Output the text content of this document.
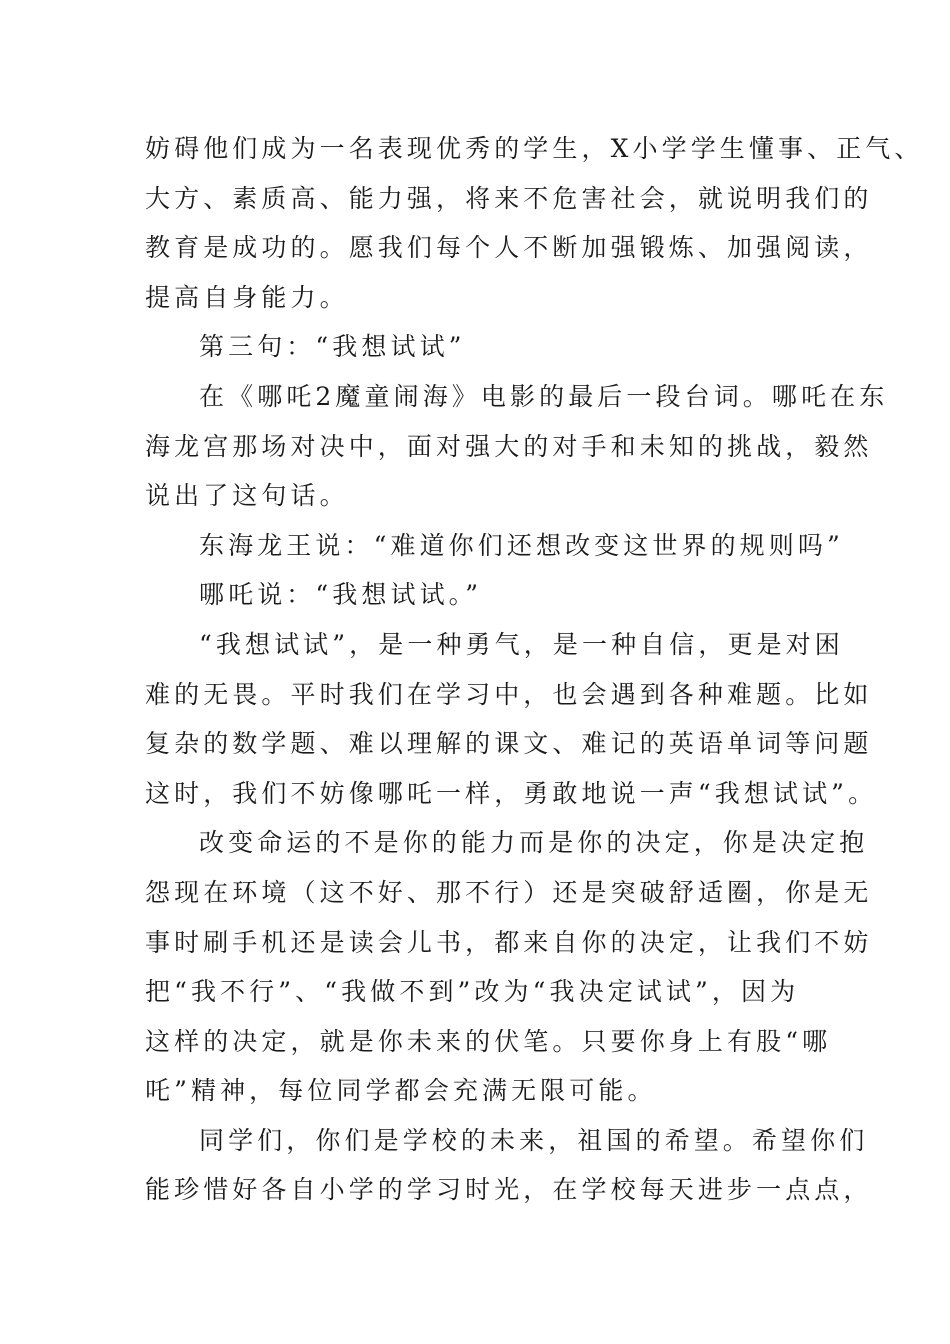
妨碍他们成为一名表现优秀的学生，X小学学生懂事、正气、
大方、素质高、能力强，将来不危害社会，就说明我们的
教育是成功的。愿我们每个人不断加强锻炼、加强阅读，
提高自身能力。
第三句：“我想试试”
在《哪吒2魔童闹海》电影的最后一段台词。哪吒在东
海龙宫那场对决中，面对强大的对手和未知的挑战，毅然
说出了这句话。
东海龙王说：“难道你们还想改变这世界的规则吗”
哪吒说：“我想试试。”
“我想试试”，是一种勇气，是一种自信，更是对困
难的无畏。平时我们在学习中，也会遇到各种难题。比如
复杂的数学题、难以理解的课文、难记的英语单词等问题
这时，我们不妨像哪吒一样，勇敢地说一声“我想试试”。
改变命运的不是你的能力而是你的决定，你是决定抱
怨现在环境（这不好、那不行）还是突破舒适圈，你是无
事时刷手机还是读会儿书，都来自你的决定，让我们不妨
把“我不行”、“我做不到”改为“我决定试试”，因为
这样的决定，就是你未来的伏笔。只要你身上有股“哪
吒”精神，每位同学都会充满无限可能。
同学们，你们是学校的未来，祖国的希望。希望你们
能珍惜好各自小学的学习时光，在学校每天进步一点点，
